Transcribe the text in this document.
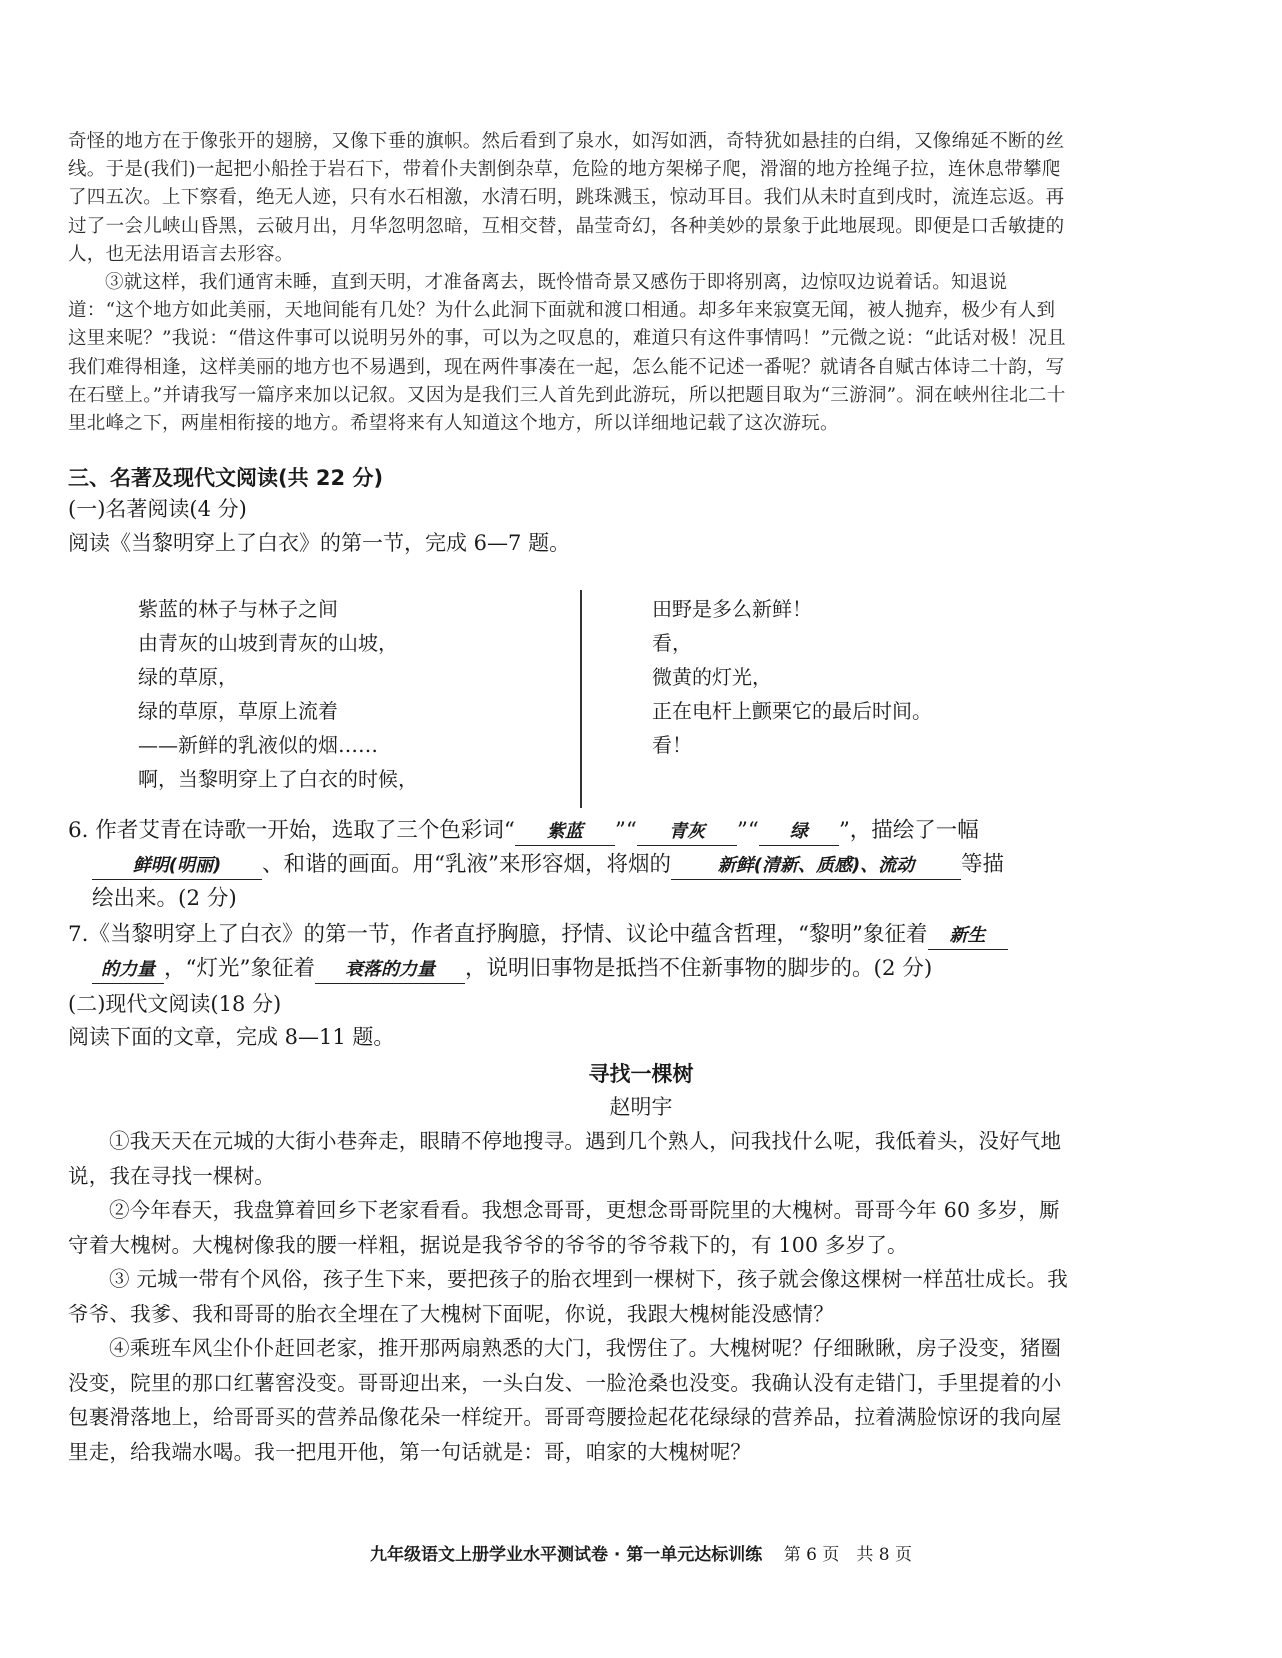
奇怪的地方在于像张开的翅膀，又像下垂的旗帜。然后看到了泉水，如泻如洒，奇特犹如悬挂的白绢，又像绵延不断的丝线。于是(我们)一起把小船拴于岩石下，带着仆夫割倒杂草，危险的地方架梯子爬，滑溜的地方拴绳子拉，连休息带攀爬了四五次。上下察看，绝无人迹，只有水石相激，水清石明，跳珠溅玉，惊动耳目。我们从未时直到戌时，流连忘返。再过了一会儿峡山昏黑，云破月出，月华忽明忽暗，互相交替，晶莹奇幻，各种美妙的景象于此地展现。即便是口舌敏捷的人，也无法用语言去形容。

③就这样，我们通宵未睡，直到天明，才准备离去，既怜惜奇景又感伤于即将别离，边惊叹边说着话。知退说道：“这个地方如此美丽，天地间能有几处？为什么此洞下面就和渡口相通。却多年来寂寞无闻，被人抛弃，极少有人到这里来呢？”我说：“借这件事可以说明另外的事，可以为之叹息的，难道只有这件事情吗！”元微之说：“此话对极！况且我们难得相逢，这样美丽的地方也不易遇到，现在两件事凑在一起，怎么能不记述一番呢？就请各自赋古体诗二十韵，写在石壁上。”并请我写一篇序来加以记叙。又因为是我们三人首先到此游玩，所以把题目取为“三游洞”。洞在峡州往北二十里北峰之下，两崖相衔接的地方。希望将来有人知道这个地方，所以详细地记载了这次游玩。

三、名著及现代文阅读(共 22 分)
(一)名著阅读(4 分)
阅读《当黎明穿上了白衣》的第一节，完成 6—7 题。
紫蓝的林子与林子之间
由青灰的山坡到青灰的山坡，
绿的草原，
绿的草原，草原上流着
——新鲜的乳液似的烟……
啊，当黎明穿上了白衣的时候，
田野是多么新鲜！
看，
微黄的灯光，
正在电杆上颤栗它的最后时间。
看！
6. 作者艾青在诗歌一开始，选取了三个色彩词“ 紫蓝 ”“ 青灰 ”“ 绿 ”，描绘了一幅
鲜明(明丽) 、和谐的画面。用“乳液”来形容烟，将烟的	新鲜(清新、质感)、流动 等描
绘出来。(2 分)
7.《当黎明穿上了白衣》的第一节，作者直抒胸臆，抒情、议论中蕴含哲理，“黎明”象征着 新生
的力量 ，“灯光”象征着 衰落的力量 ，说明旧事物是抵挡不住新事物的脚步的。(2 分)
(二)现代文阅读(18 分)
阅读下面的文章，完成 8—11 题。
寻找一棵树
赵明宇

①我天天在元城的大街小巷奔走，眼睛不停地搜寻。遇到几个熟人，问我找什么呢，我低着头，没好气地说，我在寻找一棵树。

②今年春天，我盘算着回乡下老家看看。我想念哥哥，更想念哥哥院里的大槐树。哥哥今年 60 多岁，厮守着大槐树。大槐树像我的腰一样粗，据说是我爷爷的爷爷的爷爷栽下的，有 100 多岁了。

③ 元城一带有个风俗，孩子生下来，要把孩子的胎衣埋到一棵树下，孩子就会像这棵树一样茁壮成长。我爷爷、我爹、我和哥哥的胎衣全埋在了大槐树下面呢，你说，我跟大槐树能没感情？

④乘班车风尘仆仆赶回老家，推开那两扇熟悉的大门，我愣住了。大槐树呢？仔细瞅瞅，房子没变，猪圈没变，院里的那口红薯窖没变。哥哥迎出来，一头白发、一脸沧桑也没变。我确认没有走错门，手里提着的小包裹滑落地上，给哥哥买的营养品像花朵一样绽开。哥哥弯腰捡起花花绿绿的营养品，拉着满脸惊讶的我向屋里走，给我端水喝。我一把甩开他，第一句话就是：哥，咱家的大槐树呢？

九年级语文上册学业水平测试卷 · 第一单元达标训练 第 6 页　共 8 页
